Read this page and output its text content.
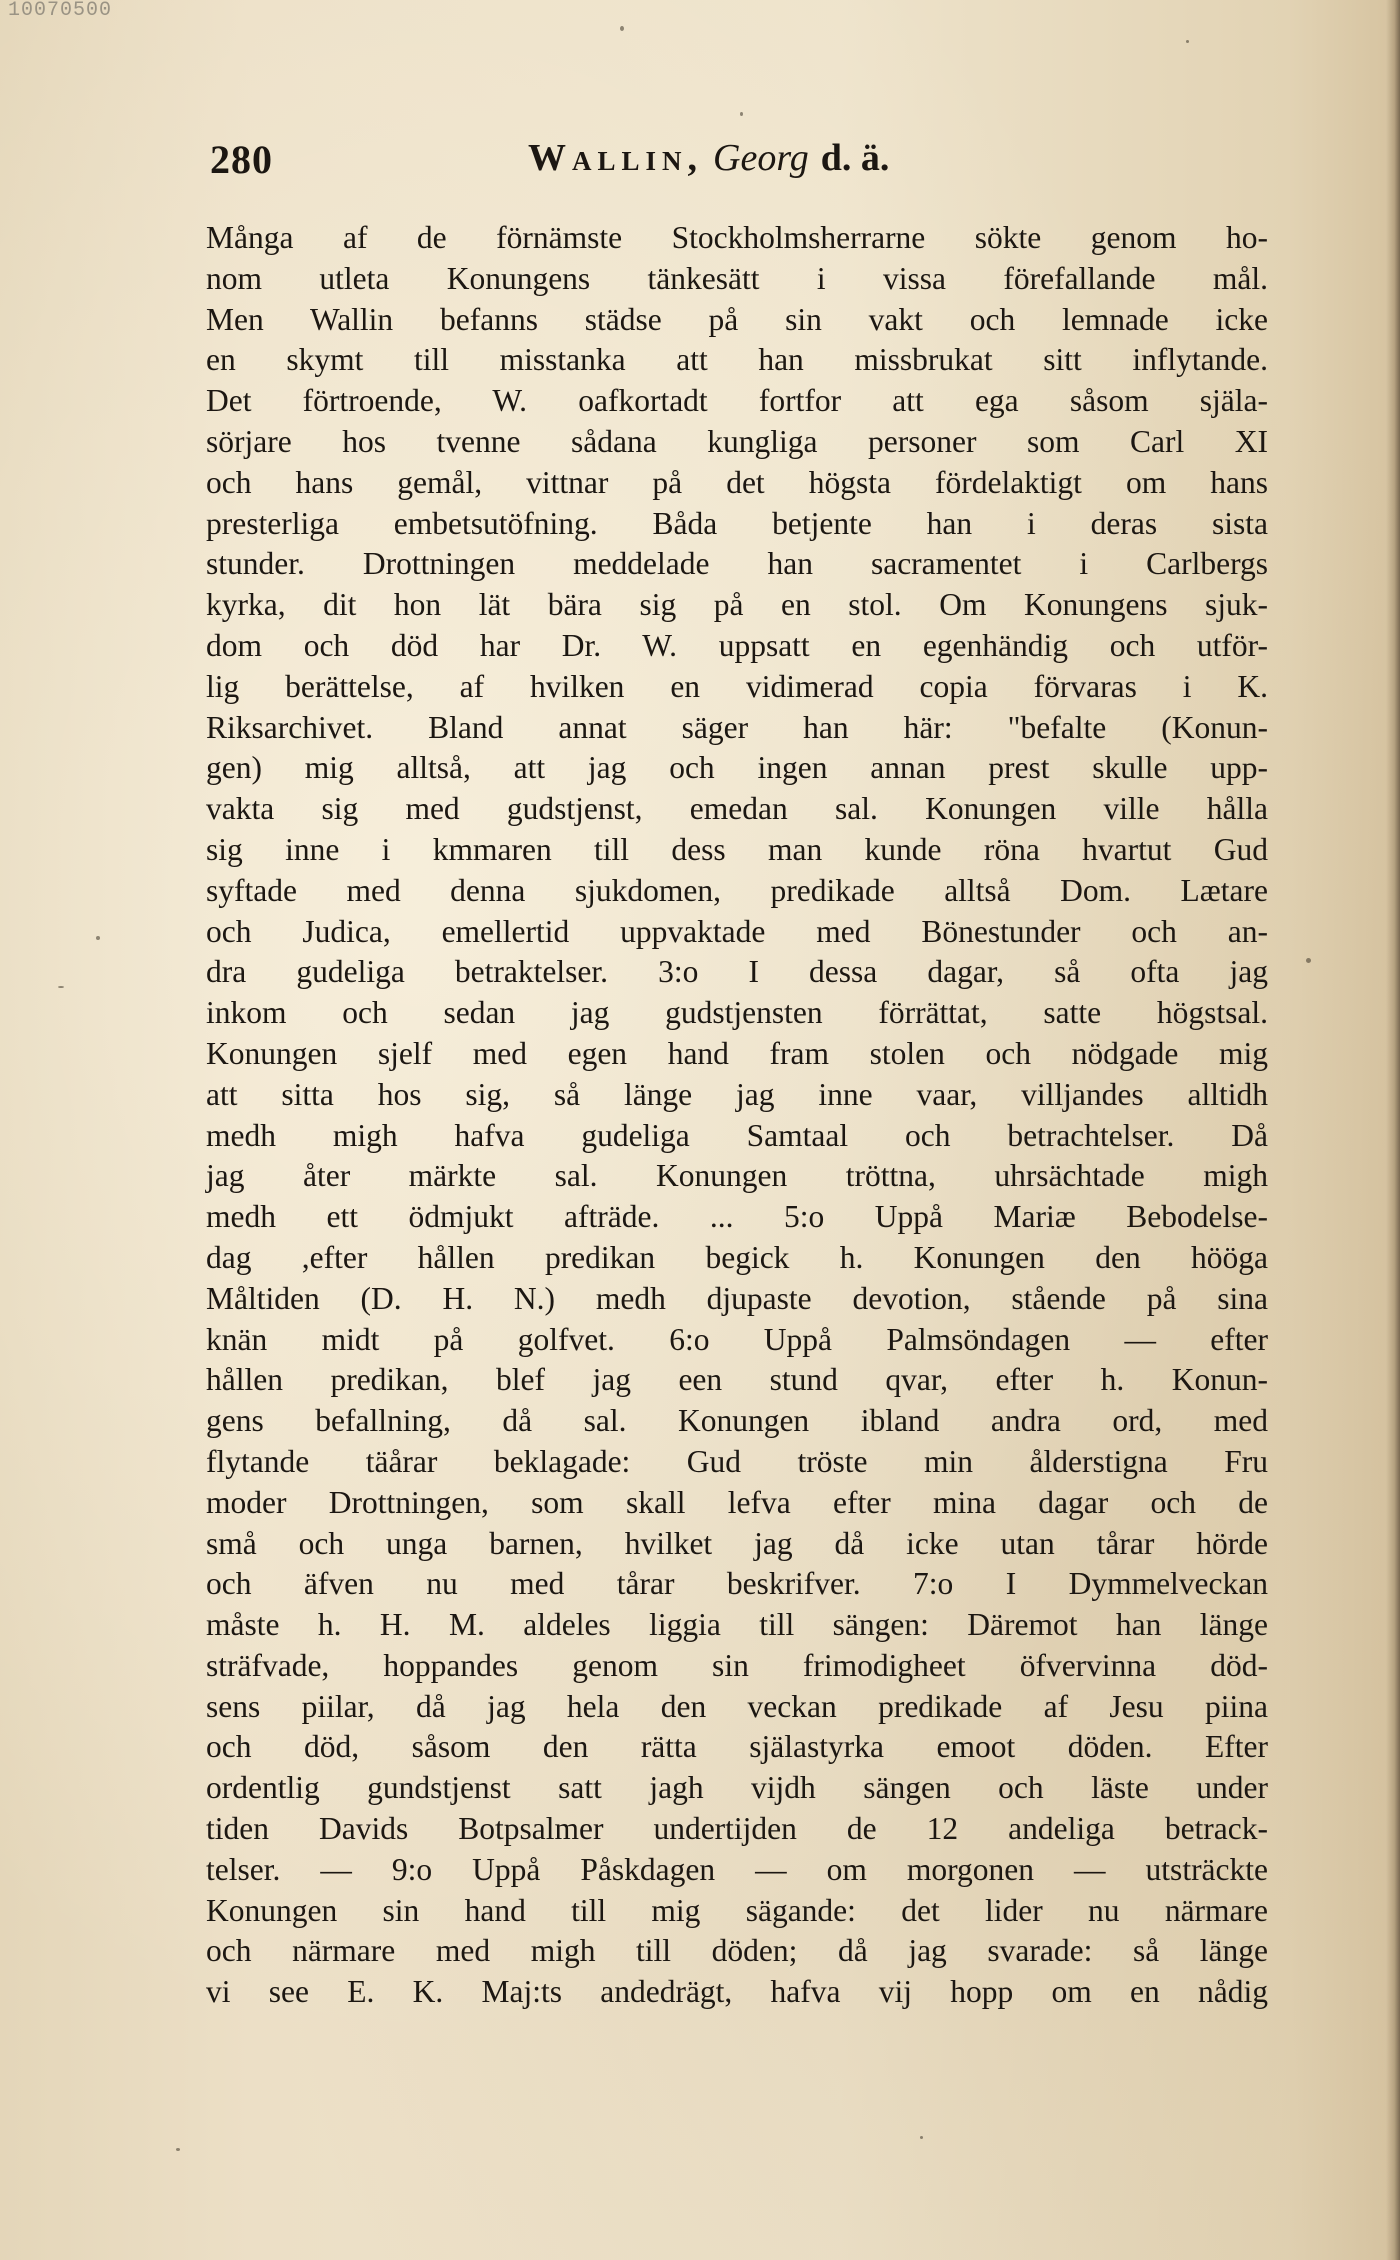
10070500
280	Wallin, Georg d. ä.
Många af de förnämste Stockholmsherrarne sökte genom ho-
nom utleta Konungens tänkesätt i vissa förefallande mål.
Men Wallin befanns städse på sin vakt och lemnade icke
en skymt till misstanka att han missbrukat sitt inflytande.
Det förtroende, W. oafkortadt fortfor att ega såsom själa-
sörjare hos tvenne sådana kungliga personer som Carl XI
och hans gemål, vittnar på det högsta fördelaktigt om hans
presterliga embetsutöfning. Båda betjente han i deras sista
stunder. Drottningen meddelade han sacramentet i Carlbergs
kyrka, dit hon lät bära sig på en stol. Om Konungens sjuk-
dom och död har Dr. W. uppsatt en egenhändig och utför-
lig berättelse, af hvilken en vidimerad copia förvaras i K.
Riksarchivet. Bland annat säger han här: "befalte (Konun-
gen) mig alltså, att jag och ingen annan prest skulle upp-
vakta sig med gudstjenst, emedan sal. Konungen ville hålla
sig inne i kmmaren till dess man kunde röna hvartut Gud
syftade med denna sjukdomen, predikade alltså Dom. Lætare
och Judica, emellertid uppvaktade med Bönestunder och an-
dra gudeliga betraktelser. 3:o I dessa dagar, så ofta jag
inkom och sedan jag gudstjensten förrättat, satte högstsal.
Konungen sjelf med egen hand fram stolen och nödgade mig
att sitta hos sig, så länge jag inne vaar, villjandes alltidh
medh migh hafva gudeliga Samtaal och betrachtelser. Då
jag åter märkte sal. Konungen tröttna, uhrsächtade migh
medh ett ödmjukt afträde. ... 5:o Uppå Mariæ Bebodelse-
dag ,efter hållen predikan begick h. Konungen den hööga
Måltiden (D. H. N.) medh djupaste devotion, stående på sina
knän midt på golfvet. 6:o Uppå Palmsöndagen — efter
hållen predikan, blef jag een stund qvar, efter h. Konun-
gens befallning, då sal. Konungen ibland andra ord, med
flytande täårar beklagade: Gud tröste min ålderstigna Fru
moder Drottningen, som skall lefva efter mina dagar och de
små och unga barnen, hvilket jag då icke utan tårar hörde
och äfven nu med tårar beskrifver. 7:o I Dymmelveckan
måste h. H. M. aldeles liggia till sängen: Däremot han länge
sträfvade, hoppandes genom sin frimodigheet öfvervinna död-
sens piilar, då jag hela den veckan predikade af Jesu piina
och död, såsom den rätta själastyrka emoot döden. Efter
ordentlig gundstjenst satt jagh vijdh sängen och läste under
tiden Davids Botpsalmer undertijden de 12 andeliga betrack-
telser. — 9:o Uppå Påskdagen — om morgonen — utsträckte
Konungen sin hand till mig sägande: det lider nu närmare
och närmare med migh till döden; då jag svarade: så länge
vi see E. K. Maj:ts andedrägt, hafva vij hopp om en nådig
